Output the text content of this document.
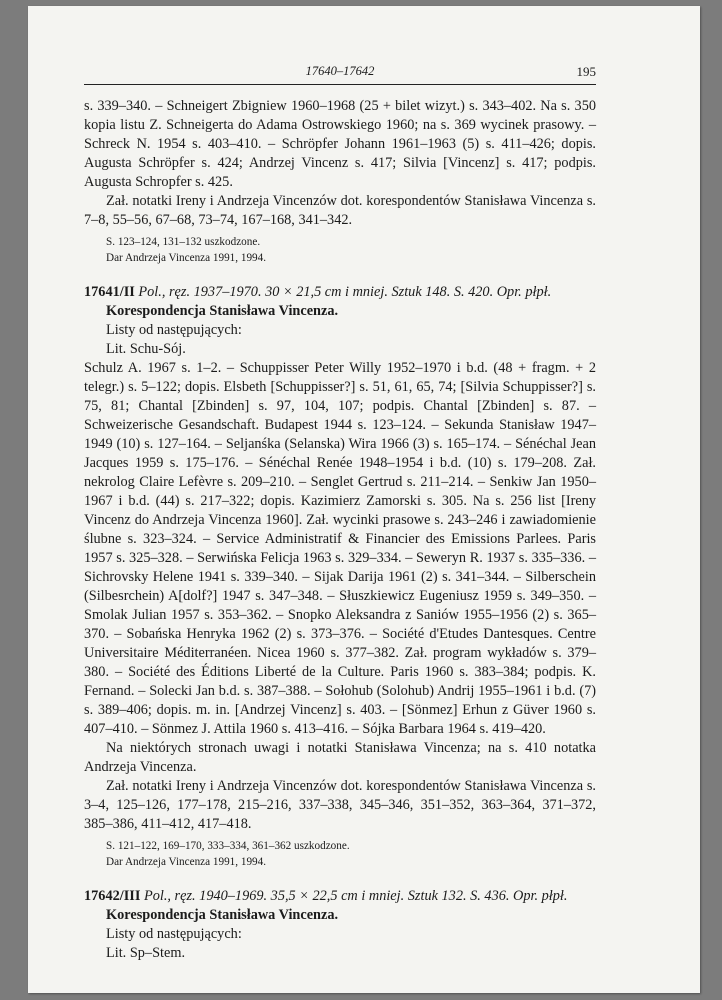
17640–17642	195

s. 339–340. – Schneigert Zbigniew 1960–1968 (25 + bilet wizyt.) s. 343–402. Na s. 350 kopia listu Z. Schneigerta do Adama Ostrowskiego 1960; na s. 369 wycinek prasowy. – Schreck N. 1954 s. 403–410. – Schröpfer Johann 1961–1963 (5) s. 411–426; dopis. Augusta Schröpfer s. 424; Andrzej Vincenz s. 417; Silvia [Vincenz] s. 417; podpis. Augusta Schropfer s. 425.

Zał. notatki Ireny i Andrzeja Vincenzów dot. korespondentów Stanisława Vincenza s. 7–8, 55–56, 67–68, 73–74, 167–168, 341–342.

S. 123–124, 131–132 uszkodzone.

Dar Andrzeja Vincenza 1991, 1994.

17641/II Pol., ręz. 1937–1970. 30 × 21,5 cm i mniej. Sztuk 148. S. 420. Opr. płpł.

Korespondencja Stanisława Vincenza.

Listy od następujących:

Lit. Schu-Sój.

Schulz A. 1967 s. 1–2. – Schuppisser Peter Willy 1952–1970 i b.d. (48 + fragm. + 2 telegr.) s. 5–122; dopis. Elsbeth [Schuppisser?] s. 51, 61, 65, 74; [Silvia Schuppisser?] s. 75, 81; Chantal [Zbinden] s. 97, 104, 107; podpis. Chantal [Zbinden] s. 87. – Schweizerische Gesandschaft. Budapest 1944 s. 123–124. – Sekunda Stanisław 1947–1949 (10) s. 127–164. – Seljanśka (Selanska) Wira 1966 (3) s. 165–174. – Sénéchal Jean Jacques 1959 s. 175–176. – Sénéchal Renée 1948–1954 i b.d. (10) s. 179–208. Zał. nekrolog Claire Lefèvre s. 209–210. – Senglet Gertrud s. 211–214. – Senkiw Jan 1950–1967 i b.d. (44) s. 217–322; dopis. Kazimierz Zamorski s. 305. Na s. 256 list [Ireny Vincenz do Andrzeja Vincenza 1960]. Zał. wycinki prasowe s. 243–246 i zawiadomienie ślubne s. 323–324. – Service Administratif & Financier des Emissions Parlees. Paris 1957 s. 325–328. – Serwińska Felicja 1963 s. 329–334. – Seweryn R. 1937 s. 335–336. – Sichrovsky Helene 1941 s. 339–340. – Sijak Darija 1961 (2) s. 341–344. – Silberschein (Silbesrchein) A[dolf?] 1947 s. 347–348. – Słuszkiewicz Eugeniusz 1959 s. 349–350. – Smolak Julian 1957 s. 353–362. – Snopko Aleksandra z Saniów 1955–1956 (2) s. 365–370. – Sobańska Henryka 1962 (2) s. 373–376. – Société d'Etudes Dantesques. Centre Universitaire Méditerranéen. Nicea 1960 s. 377–382. Zał. program wykładów s. 379–380. – Société des Éditions Liberté de la Culture. Paris 1960 s. 383–384; podpis. K. Fernand. – Solecki Jan b.d. s. 387–388. – Sołohub (Solohub) Andrij 1955–1961 i b.d. (7) s. 389–406; dopis. m. in. [Andrzej Vincenz] s. 403. – [Sönmez] Erhun z Güver 1960 s. 407–410. – Sönmez J. Attila 1960 s. 413–416. – Sójka Barbara 1964 s. 419–420.

Na niektórych stronach uwagi i notatki Stanisława Vincenza; na s. 410 notatka Andrzeja Vincenza.

Zał. notatki Ireny i Andrzeja Vincenzów dot. korespondentów Stanisława Vincenza s. 3–4, 125–126, 177–178, 215–216, 337–338, 345–346, 351–352, 363–364, 371–372, 385–386, 411–412, 417–418.

S. 121–122, 169–170, 333–334, 361–362 uszkodzone.

Dar Andrzeja Vincenza 1991, 1994.

17642/III Pol., ręz. 1940–1969. 35,5 × 22,5 cm i mniej. Sztuk 132. S. 436. Opr. płpł.

Korespondencja Stanisława Vincenza.

Listy od następujących:

Lit. Sp–Stem.
